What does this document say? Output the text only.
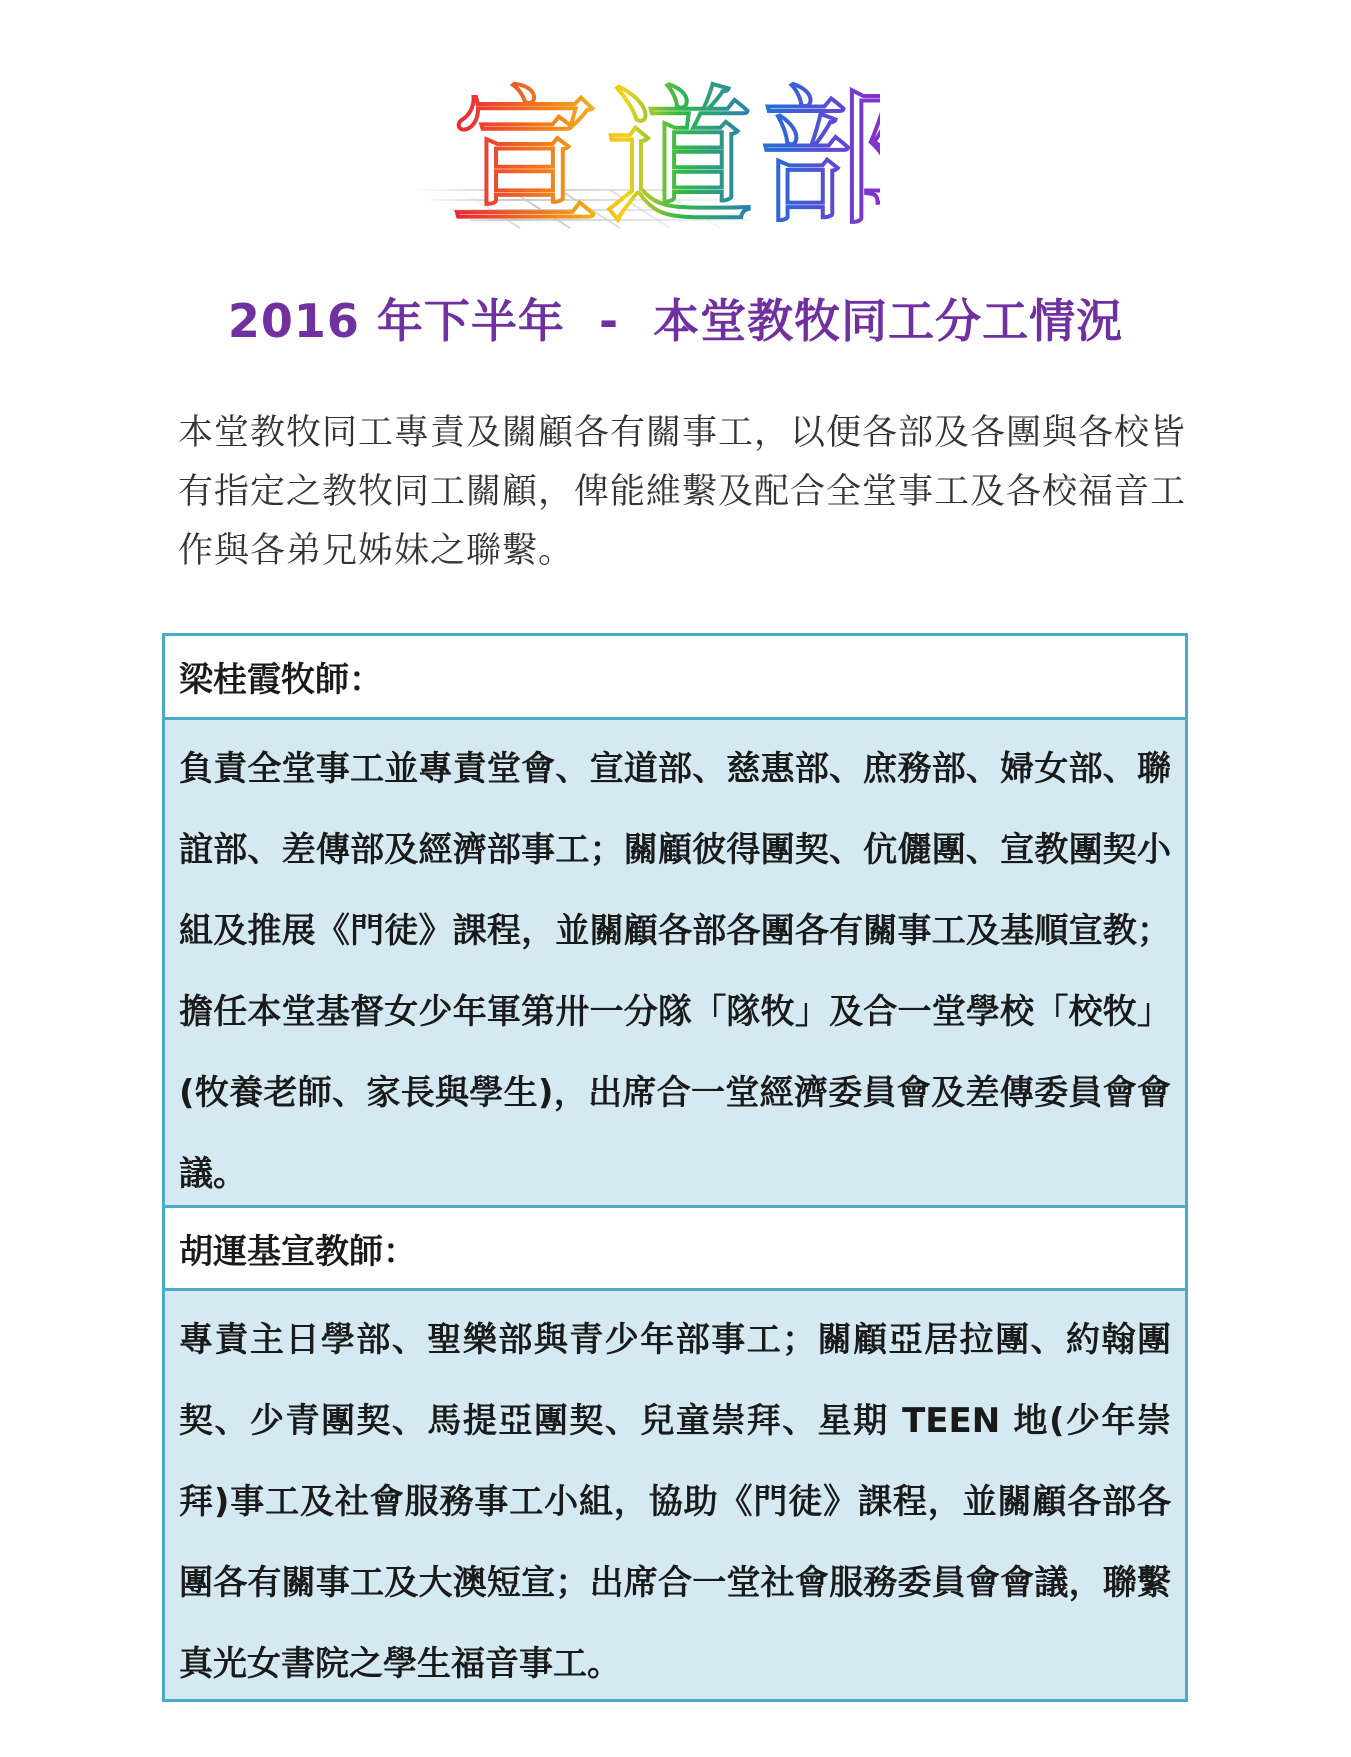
宣道部
2016 年下半年  -  本堂教牧同工分工情況
本堂教牧同工專責及關顧各有關事工，以便各部及各團與各校皆有指定之教牧同工關顧，俾能維繫及配合全堂事工及各校福音工作與各弟兄姊妹之聯繫。
梁桂霞牧師：
負責全堂事工並專責堂會、宣道部、慈惠部、庶務部、婦女部、聯誼部、差傳部及經濟部事工；關顧彼得團契、伉儷團、宣教團契小組及推展《門徒》課程，並關顧各部各團各有關事工及基順宣教；擔任本堂基督女少年軍第卅一分隊「隊牧」及合一堂學校「校牧」(牧養老師、家長與學生)，出席合一堂經濟委員會及差傳委員會會議。
胡運基宣教師：
專責主日學部、聖樂部與青少年部事工；關顧亞居拉團、約翰團契、少青團契、馬提亞團契、兒童崇拜、星期 TEEN 地(少年崇拜)事工及社會服務事工小組，協助《門徒》課程，並關顧各部各團各有關事工及大澳短宣；出席合一堂社會服務委員會會議，聯繫真光女書院之學生福音事工。
